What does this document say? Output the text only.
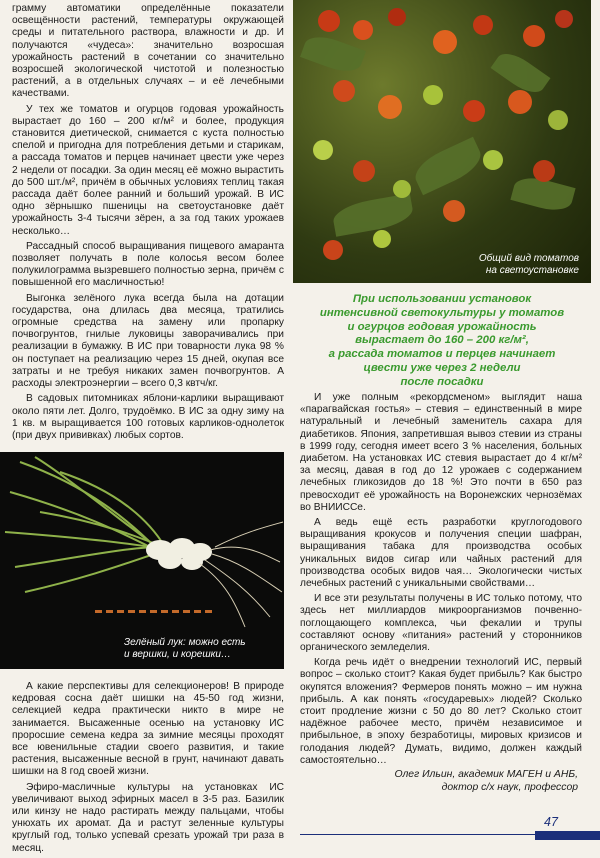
грамму автоматики определённые показатели освещённости растений, температуры окружающей среды и питательного раствора, влажности и др. И получаются «чудеса»: значительно возросшая урожайность растений в сочетании со значительно возросшей экологической чистотой и полезностью растений, а в отдельных случаях – и её лечебными качествами.

У тех же томатов и огурцов годовая урожайность вырастает до 160 – 200 кг/м² и более, продукция становится диетической, снимается с куста полностью спелой и пригодна для потребления детьми и старикам, а рассада томатов и перцев начинает цвести уже через 2 недели от посадки. За один месяц её можно вырастить до 500 шт./м², причём в обычных условиях теплиц такая рассада даёт более ранний и больший урожай. В ИС одно зёрнышко пшеницы на светоустановке даёт урожайность 3-4 тысячи зёрен, а за год таких урожаев несколько…

Рассадный способ выращивания пищевого амаранта позволяет получать в поле колосья весом более полукилограмма вызревшего полностью зерна, причём с повышенной его масличностью!

Выгонка зелёного лука всегда была на дотации государства, она длилась два месяца, тратились огромные средства на замену или пропарку почвогрунтов, гнилые луковицы заворачивались при реализации в бумажку. В ИС при товарности лука 98 % он поступает на реализацию через 15 дней, окупая все затраты и не требуя никаких замен почвогрунтов. А расходы электроэнергии – всего 0,3 квтч/кг.

В садовых питомниках яблони-карлики выращивают около пяти лет. Долго, трудоёмко. В ИС за одну зиму на 1 кв. м выращивается 100 готовых карликов-однолеток (при двух прививках) любых сортов.

Общий вид томатов
на светоустановке
При использовании установок
интенсивной светокультуры у томатов
и огурцов годовая урожайность
вырастает до 160 – 200 кг/м²,
а рассада томатов и перцев начинает
цвести уже через 2 недели
после посадки
Зелёный лук: можно есть
и вершки, и корешки…

А какие перспективы для селекционеров! В природе кедровая сосна даёт шишки на 45-50 год жизни, селекцией кедра практически никто в мире не занимается. Высаженные осенью на установку ИС проросшие семена кедра за зимние месяцы проходят все ювенильные стадии своего развития, и такие растения, высаженные весной в грунт, начинают давать шишки на 8 год своей жизни.

Эфиро-масличные культуры на установках ИС увеличивают выход эфирных масел в 3-5 раз. Базилик или кинзу не надо растирать между пальцами, чтобы унюхать их аромат. Да и растут зеленные культуры круглый год, только успевай срезать урожай три раза в месяц.

И уже полным «рекордсменом» выглядит наша «парагвайская гостья» – стевия – единственный в мире натуральный и лечебный заменитель сахара для диабетиков. Япония, запретившая вывоз стевии из страны в 1999 году, сегодня имеет всего 3 % населения, больных диабетом. На установках ИС стевия вырастает до 4 кг/м² за месяц, давая в год до 12 урожаев с содержанием лечебных гликозидов до 18 %! Это почти в 650 раз превосходит её урожайность на Воронежских чернозёмах во ВНИИССе.

А ведь ещё есть разработки круглогодового выращивания крокусов и получения специи шафран, выращивания табака для производства особых уникальных видов сигар или чайных растений для производства особых видов чая… Экологически чистых лечебных растений с уникальными свойствами…

И все эти результаты получены в ИС только потому, что здесь нет миллиардов микроорганизмов почвенно-поглощающего комплекса, чьи фекалии и трупы составляют основу «питания» растений у сторонников органического земледелия.

Когда речь идёт о внедрении технологий ИС, первый вопрос – сколько стоит? Какая будет прибыль? Как быстро окупятся вложения? Фермеров понять можно – им нужна прибыль. А как понять «государевых» людей? Сколько стоит продление жизни с 50 до 80 лет? Сколько стоит надёжное рабочее место, причём независимое и прибыльное, в эпоху безработицы, мировых кризисов и голодания людей? Думать, видимо, должен каждый самостоятельно…

Олег Ильин, академик МАГЕН и АНБ,
доктор с/х наук, профессор
47
